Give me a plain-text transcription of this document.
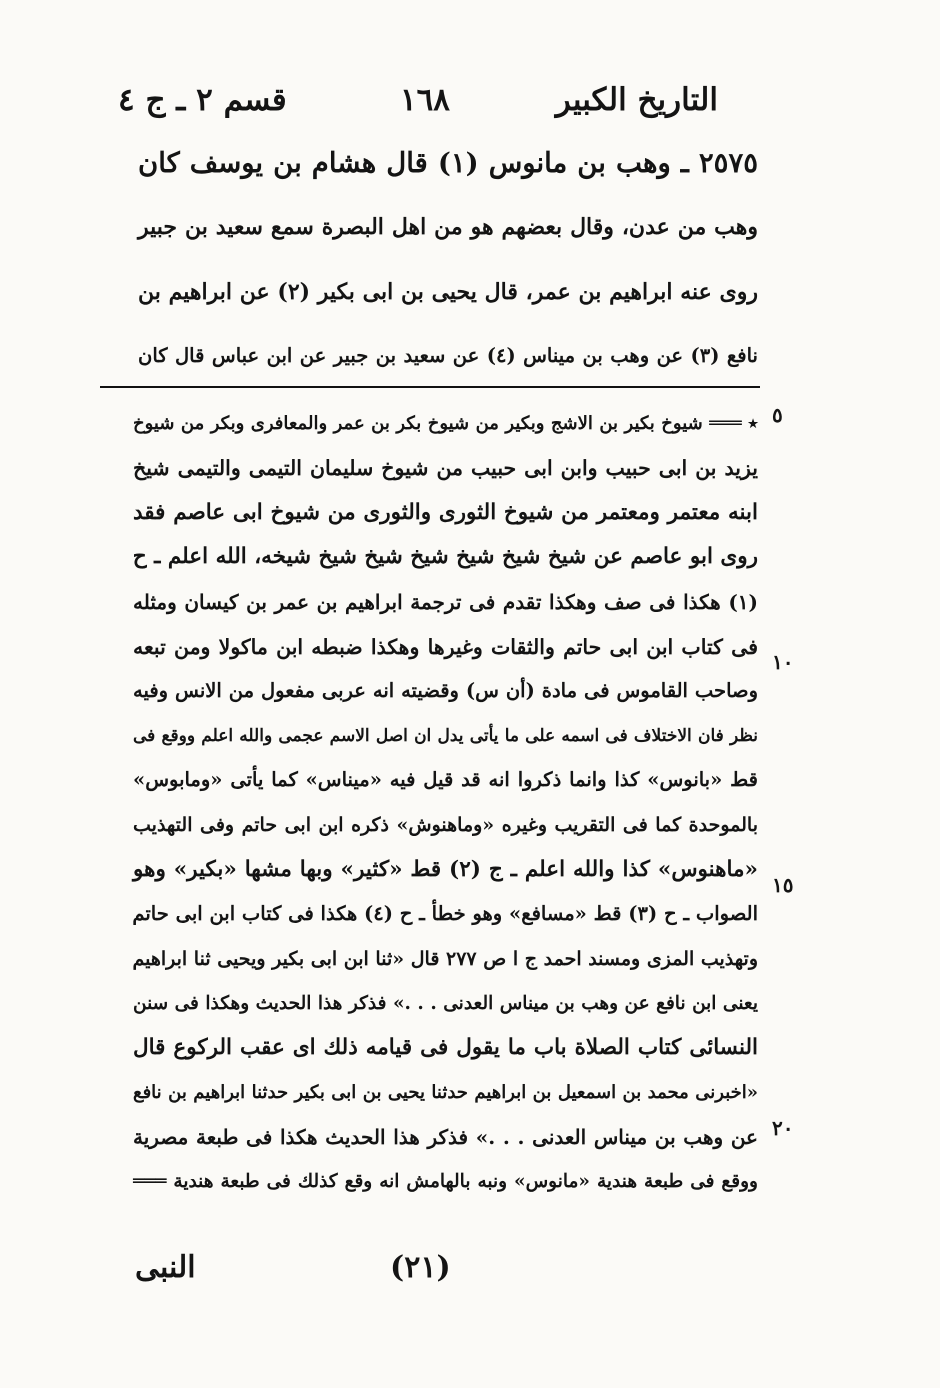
التاريخ الكبير
١٦٨
قسم ٢ ـ ج ٤
٢٥٧٥ ـ وهب بن مانوس (١) قال هشام بن يوسف كان
وهب من عدن، وقال بعضهم هو من اهل البصرة سمع سعيد بن جبير
روى عنه ابراهيم بن عمر، قال يحيى بن ابى بكير (٢) عن ابراهيم بن
نافع (٣) عن وهب بن ميناس (٤) عن سعيد بن جبير عن ابن عباس قال كان
٭ ═══ شيوخ بكير بن الاشج وبكير من شيوخ بكر بن عمر والمعافرى وبكر من شيوخ
يزيد بن ابى حبيب وابن ابى حبيب من شيوخ سليمان التيمى والتيمى شيخ
ابنه معتمر ومعتمر من شيوخ الثورى والثورى من شيوخ ابى عاصم فقد
روى ابو عاصم عن شيخ شيخ شيخ شيخ شيخ شيخ شيخه، الله اعلم ـ ح
(١) هكذا فى صف وهكذا تقدم فى ترجمة ابراهيم بن عمر بن كيسان ومثله
فى كتاب ابن ابى حاتم والثقات وغيرها وهكذا ضبطه ابن ماكولا ومن تبعه
وصاحب القاموس فى مادة (أن س) وقضيته انه عربى مفعول من الانس وفيه
نظر فان الاختلاف فى اسمه على ما يأتى يدل ان اصل الاسم عجمى والله اعلم ووقع فى
قط «بانوس» كذا وانما ذكروا انه قد قيل فيه «ميناس» كما يأتى «ومابوس»
بالموحدة كما فى التقريب وغيره «وماهنوش» ذكره ابن ابى حاتم وفى التهذيب
«ماهنوس» كذا والله اعلم ـ ج (٢) قط «كثير» وبها مشها «بكير» وهو
الصواب ـ ح (٣) قط «مسافع» وهو خطأ ـ ح (٤) هكذا فى كتاب ابن ابى حاتم
وتهذيب المزى ومسند احمد ج ا ص ٢٧٧ قال «ثنا ابن ابى بكير ويحيى ثنا ابراهيم
يعنى ابن نافع عن وهب بن ميناس العدنى . . .» فذكر هذا الحديث وهكذا فى سنن
النسائى كتاب الصلاة باب ما يقول فى قيامه ذلك اى عقب الركوع قال
«اخبرنى محمد بن اسمعيل بن ابراهيم حدثنا يحيى بن ابى بكير حدثنا ابراهيم بن نافع
عن وهب بن ميناس العدنى . . .» فذكر هذا الحديث هكذا فى طبعة مصرية
ووقع فى طبعة هندية «مانوس» ونبه بالهامش انه وقع كذلك فى طبعة هندية ═══
٥
١٠
١٥
٢٠
(٢١)
النبى
